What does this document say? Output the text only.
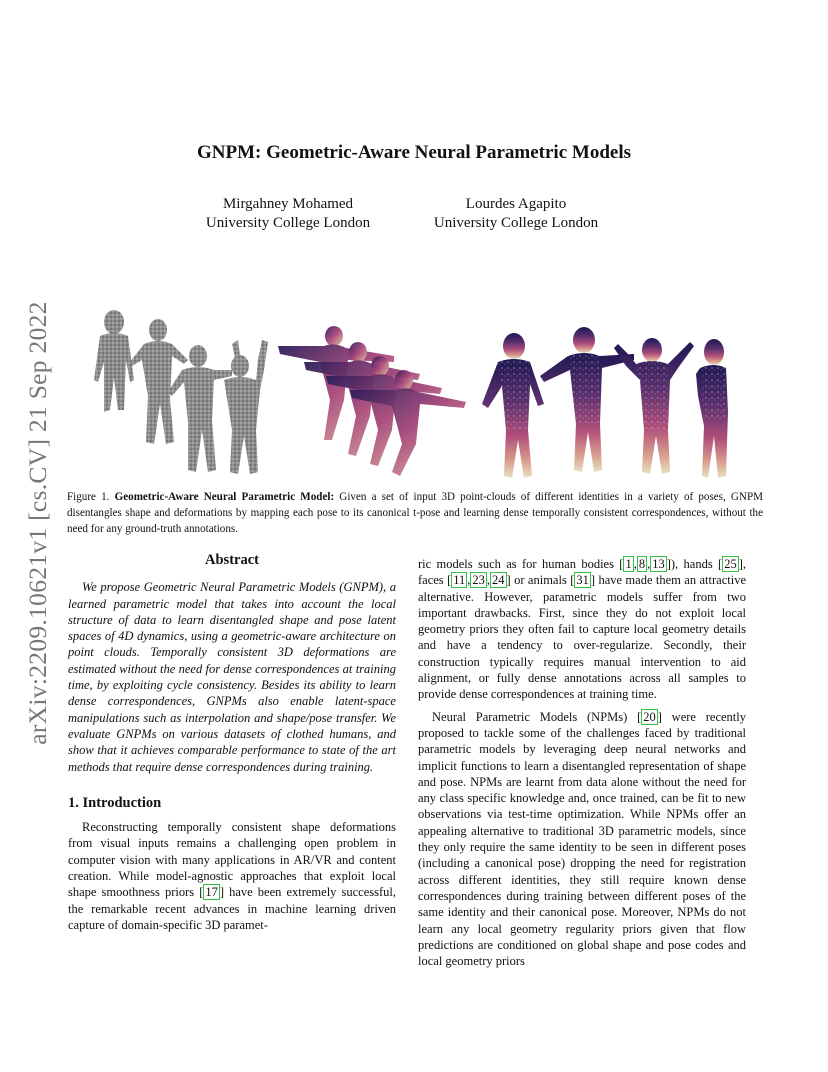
arXiv:2209.10621v1 [cs.CV] 21 Sep 2022
GNPM: Geometric-Aware Neural Parametric Models
Mirgahney Mohamed
University College London
Lourdes Agapito
University College London
Figure 1. Geometric-Aware Neural Parametric Model: Given a set of input 3D point-clouds of different identities in a variety of poses, GNPM disentangles shape and deformations by mapping each pose to its canonical t-pose and learning dense temporally consistent correspondences, without the need for any ground-truth annotations.
Abstract

We propose Geometric Neural Parametric Models (GNPM), a learned parametric model that takes into account the local structure of data to learn disentangled shape and pose latent spaces of 4D dynamics, using a geometric-aware architecture on point clouds. Temporally consistent 3D deformations are estimated without the need for dense correspondences at training time, by exploiting cycle consistency. Besides its ability to learn dense correspondences, GNPMs also enable latent-space manipulations such as interpolation and shape/pose transfer. We evaluate GNPMs on various datasets of clothed humans, and show that it achieves comparable performance to state of the art methods that require dense correspondences during training.

1. Introduction

Reconstructing temporally consistent shape deformations from visual inputs remains a challenging open problem in computer vision with many applications in AR/VR and content creation. While model-agnostic approaches that exploit local shape smoothness priors [ 17 ] have been extremely successful, the remarkable recent advances in machine learning driven capture of domain-specific 3D paramet-

ric models such as for human bodies [ 1 , 8 , 13 ]), hands [ 25 ], faces [ 11 , 23 , 24 ] or animals [ 31 ] have made them an attractive alternative. However, parametric models suffer from two important drawbacks. First, since they do not exploit local geometry priors they often fail to capture local geometry details and have a tendency to over-regularize. Secondly, their construction typically requires manual intervention to aid alignment, or fully dense annotations across all samples to provide dense correspondences at training time.

Neural Parametric Models (NPMs) [ 20 ] were recently proposed to tackle some of the challenges faced by traditional parametric models by leveraging deep neural networks and implicit functions to learn a disentangled representation of shape and pose. NPMs are learnt from data alone without the need for any class specific knowledge and, once trained, can be fit to new observations via test-time optimization. While NPMs offer an appealing alternative to traditional 3D parametric models, since they only require the same identity to be seen in different poses (including a canonical pose) dropping the need for registration across different identities, they still require known dense correspondences during training between different poses of the same identity and their canonical pose. Moreover, NPMs do not learn any local geometry regularity priors given that flow predictions are conditioned on global shape and pose codes and local geometry priors
